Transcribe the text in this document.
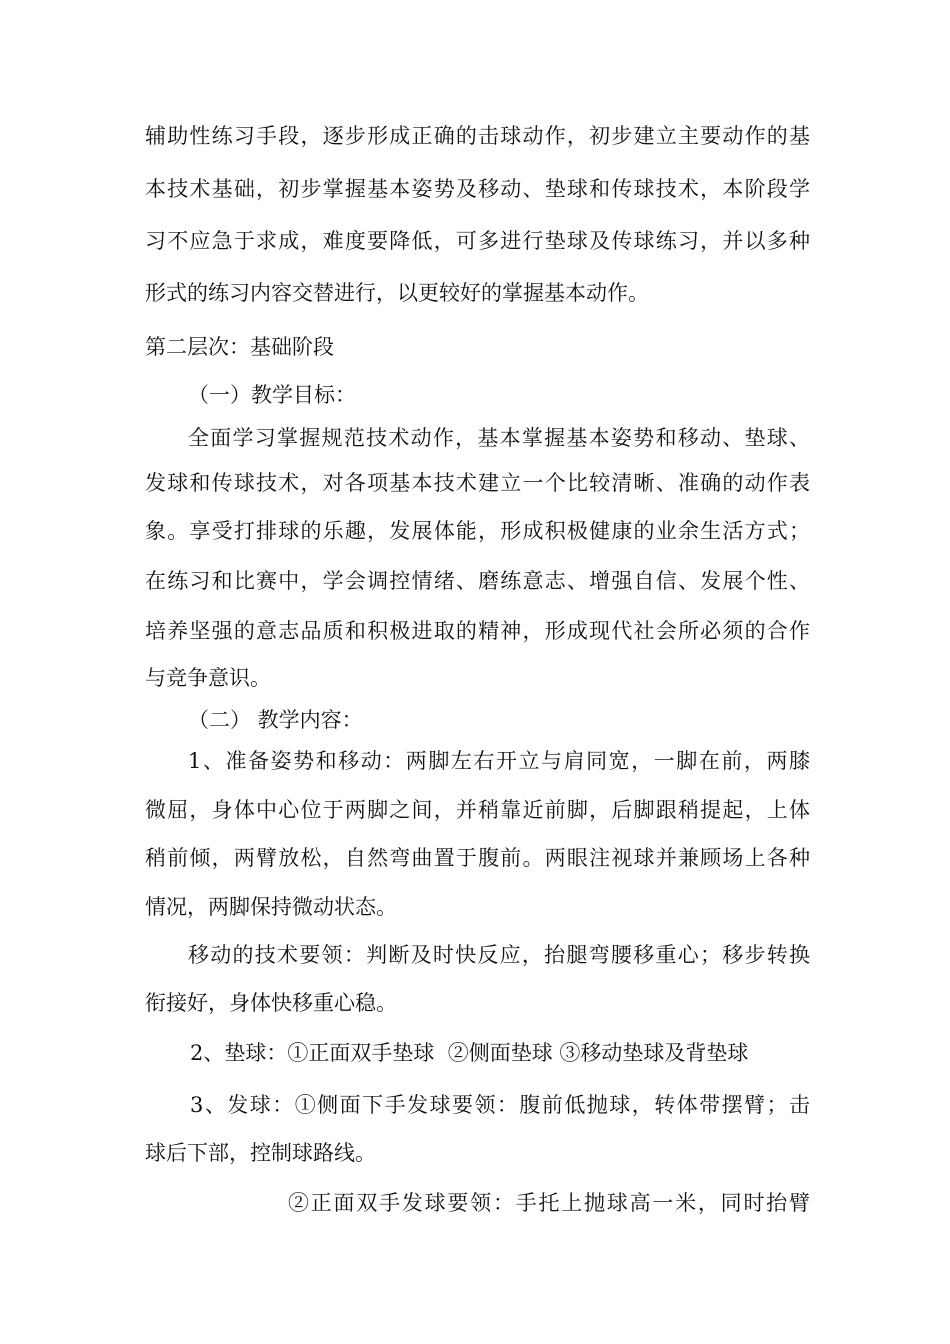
辅助性练习手段，逐步形成正确的击球动作，初步建立主要动作的基
本技术基础，初步掌握基本姿势及移动、垫球和传球技术，本阶段学
习不应急于求成，难度要降低，可多进行垫球及传球练习，并以多种
形式的练习内容交替进行，以更较好的掌握基本动作。
第二层次：基础阶段
（一）教学目标：
全面学习掌握规范技术动作，基本掌握基本姿势和移动、垫球、
发球和传球技术，对各项基本技术建立一个比较清晰、准确的动作表
象。享受打排球的乐趣，发展体能，形成积极健康的业余生活方式；
在练习和比赛中，学会调控情绪、磨练意志、增强自信、发展个性、
培养坚强的意志品质和积极进取的精神，形成现代社会所必须的合作
与竞争意识。
（二） 教学内容：
1、准备姿势和移动：两脚左右开立与肩同宽，一脚在前，两膝
微屈，身体中心位于两脚之间，并稍靠近前脚，后脚跟稍提起，上体
稍前倾，两臂放松，自然弯曲置于腹前。两眼注视球并兼顾场上各种
情况，两脚保持微动状态。
移动的技术要领：判断及时快反应，抬腿弯腰移重心；移步转换
衔接好，身体快移重心稳。
2、垫球：①正面双手垫球  ②侧面垫球 ③移动垫球及背垫球
3、发球：①侧面下手发球要领：腹前低抛球，转体带摆臂；击
球后下部，控制球路线。
②正面双手发球要领：手托上抛球高一米，同时抬臂
